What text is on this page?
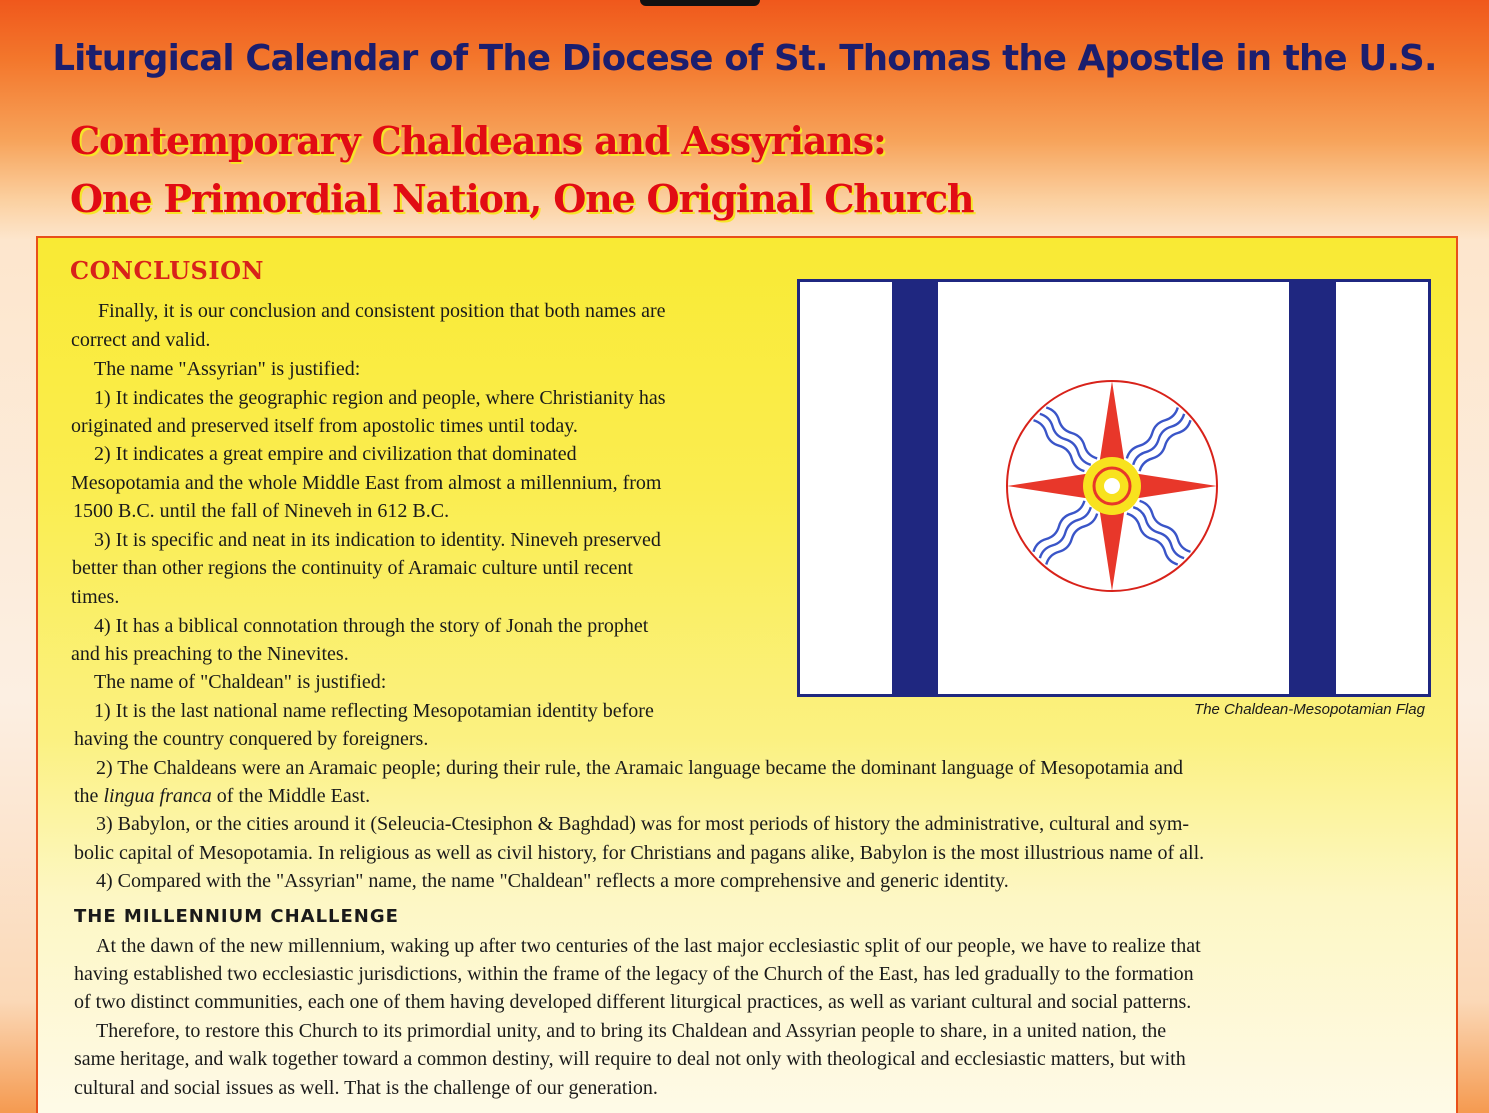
Liturgical Calendar of The Diocese of St. Thomas the Apostle in the U.S.
Contemporary Chaldeans and Assyrians:
One Primordial Nation, One Original Church
CONCLUSION
Finally, it is our conclusion and consistent position that both names are
correct and valid.
The name "Assyrian" is justified:
1) It indicates the geographic region and people, where Christianity has
originated and preserved itself from apostolic times until today.
2) It indicates a great empire and civilization that dominated
Mesopotamia and the whole Middle East from almost a millennium, from
1500 B.C. until the fall of Nineveh in 612 B.C.
3) It is specific and neat in its indication to identity. Nineveh preserved
better than other regions the continuity of Aramaic culture until recent
times.
4) It has a biblical connotation through the story of Jonah the prophet
and his preaching to the Ninevites.
The name of "Chaldean" is justified:
1) It is the last national name reflecting Mesopotamian identity before
having the country conquered by foreigners.
2) The Chaldeans were an Aramaic people; during their rule, the Aramaic language became the dominant language of Mesopotamia and
the lingua franca of the Middle East.
3) Babylon, or the cities around it (Seleucia-Ctesiphon & Baghdad) was for most periods of history the administrative, cultural and sym-
bolic capital of Mesopotamia. In religious as well as civil history, for Christians and pagans alike, Babylon is the most illustrious name of all.
4) Compared with the "Assyrian" name, the name "Chaldean" reflects a more comprehensive and generic identity.
The Chaldean-Mesopotamian Flag
THE MILLENNIUM CHALLENGE
At the dawn of the new millennium, waking up after two centuries of the last major ecclesiastic split of our people, we have to realize that
having established two ecclesiastic jurisdictions, within the frame of the legacy of the Church of the East, has led gradually to the formation
of two distinct communities, each one of them having developed different liturgical practices, as well as variant cultural and social patterns.
Therefore, to restore this Church to its primordial unity, and to bring its Chaldean and Assyrian people to share, in a united nation, the
same heritage, and walk together toward a common destiny, will require to deal not only with theological and ecclesiastic matters, but with
cultural and social issues as well. That is the challenge of our generation.
